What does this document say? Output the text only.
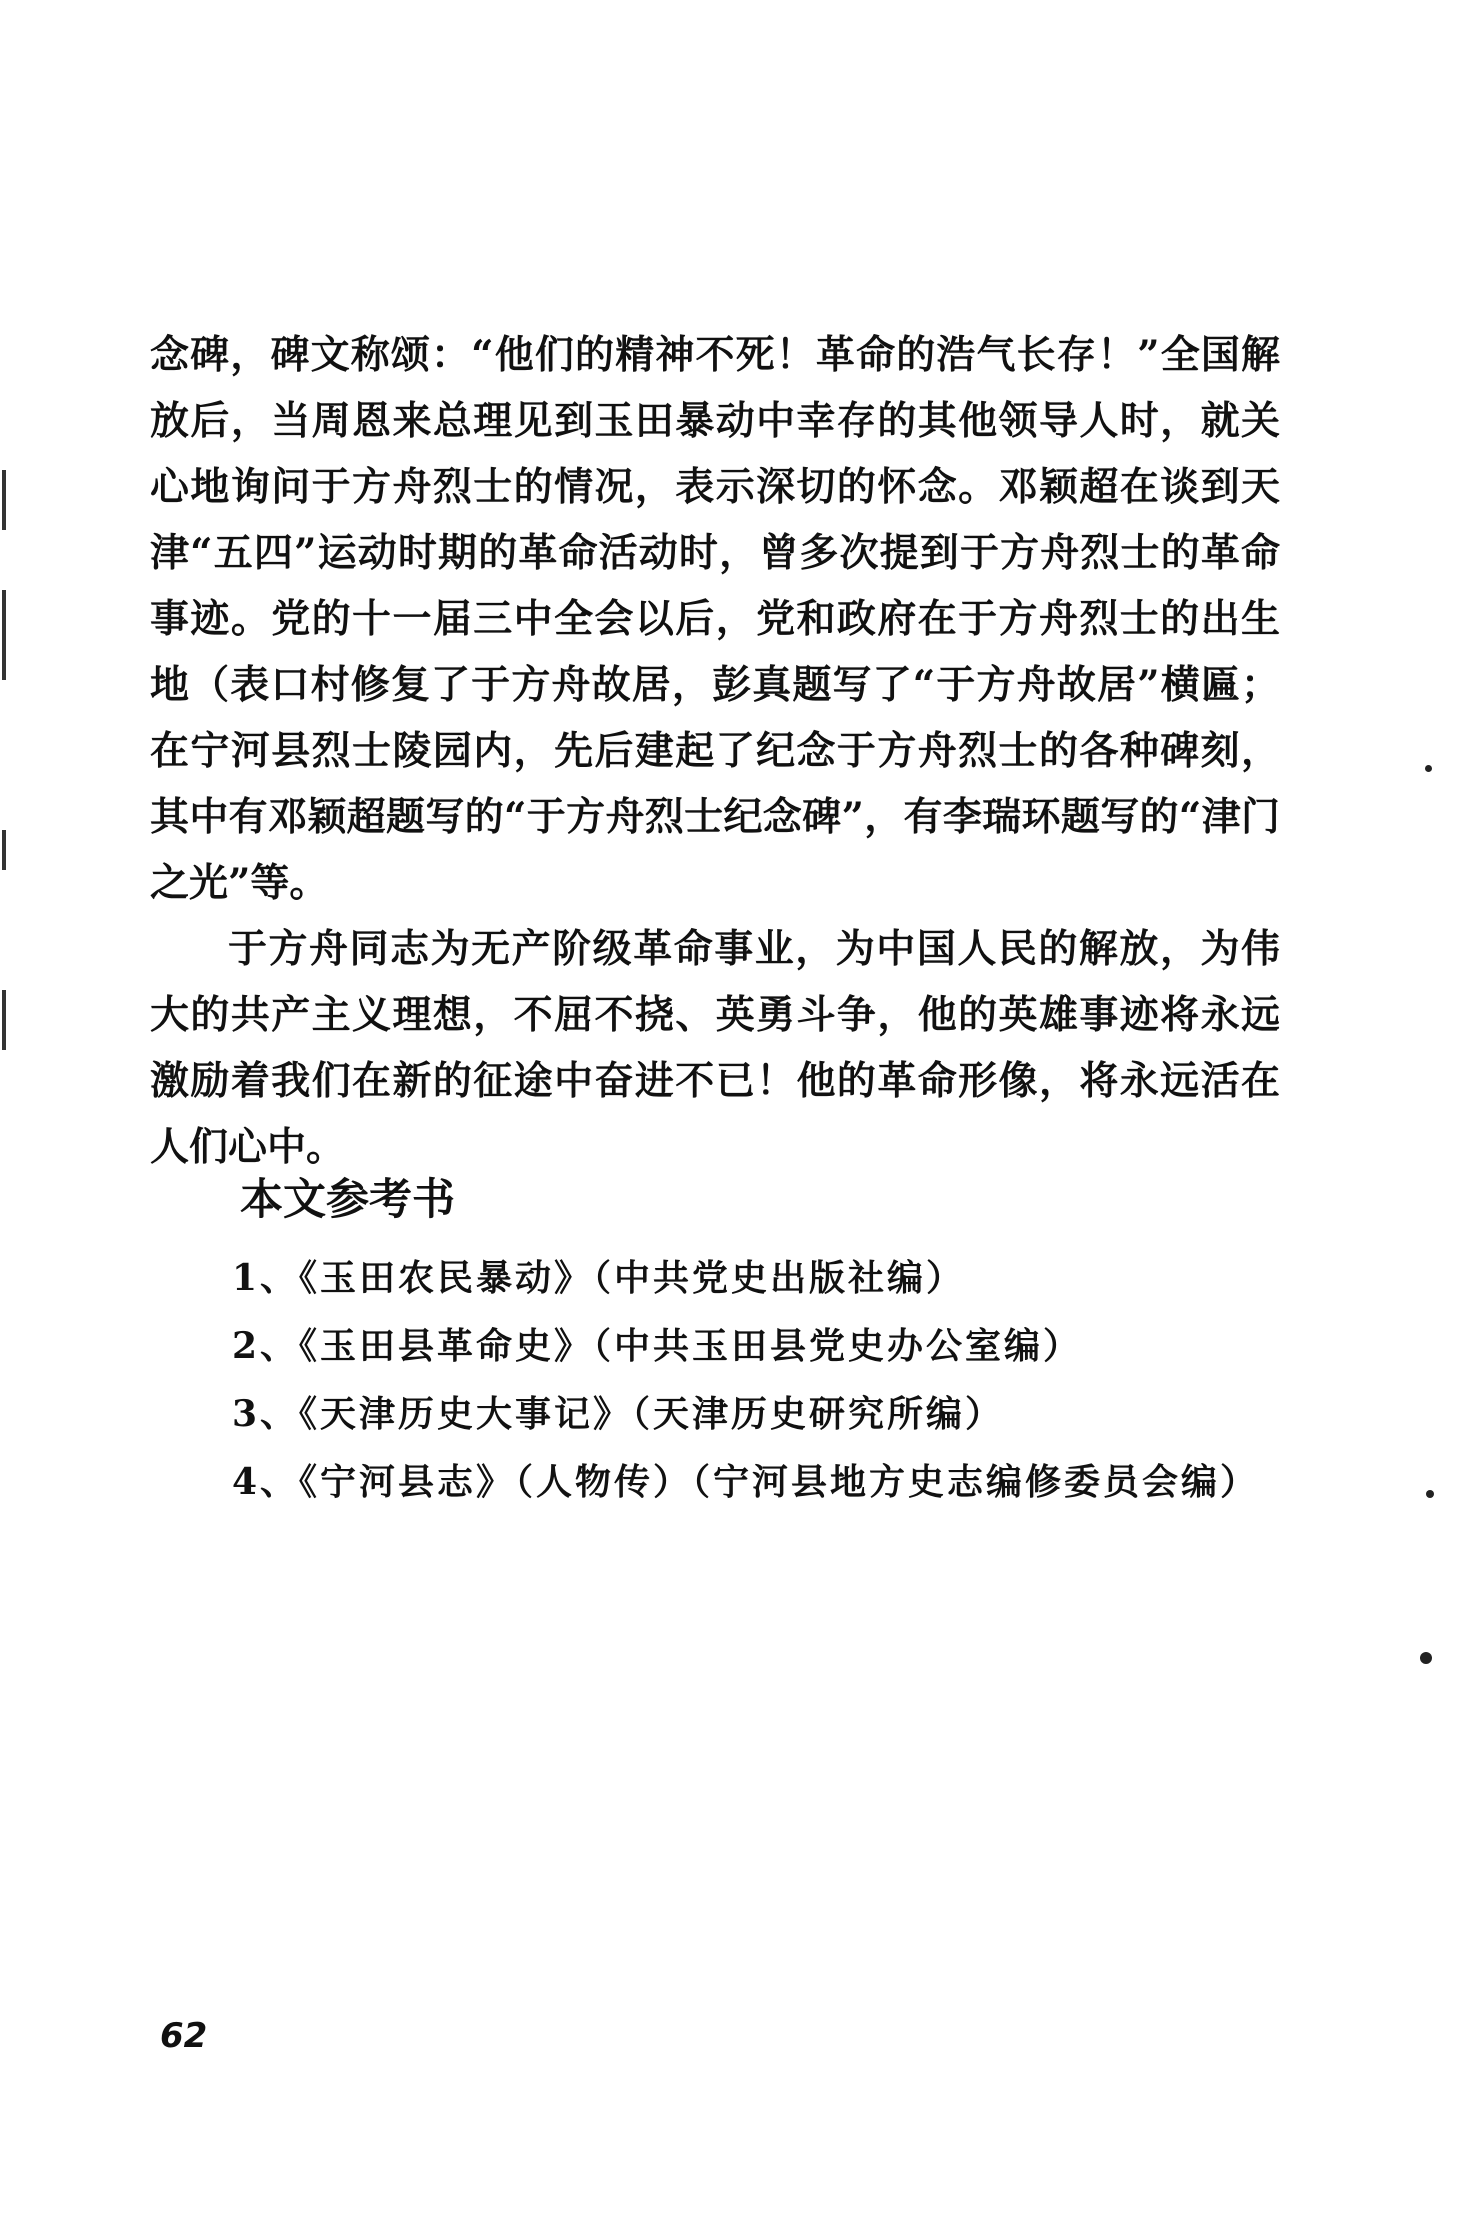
念碑，碑文称颂：“他们的精神不死！革命的浩气长存！”全国解放后，当周恩来总理见到玉田暴动中幸存的其他领导人时，就关心地询问于方舟烈士的情况，表示深切的怀念。邓颖超在谈到天津“五四”运动时期的革命活动时，曾多次提到于方舟烈士的革命事迹。党的十一届三中全会以后，党和政府在于方舟烈士的出生地（表口村修复了于方舟故居，彭真题写了“于方舟故居”横匾；在宁河县烈士陵园内，先后建起了纪念于方舟烈士的各种碑刻，其中有邓颖超题写的“于方舟烈士纪念碑”，有李瑞环题写的“津门之光”等。

于方舟同志为无产阶级革命事业，为中国人民的解放，为伟大的共产主义理想，不屈不挠、英勇斗争，他的英雄事迹将永远激励着我们在新的征途中奋进不已！他的革命形像，将永远活在人们心中。

本文参考书
1、《玉田农民暴动》（中共党史出版社编）
2、《玉田县革命史》（中共玉田县党史办公室编）
3、《天津历史大事记》（天津历史研究所编）
4、《宁河县志》（人物传）（宁河县地方史志编修委员会编）
62
